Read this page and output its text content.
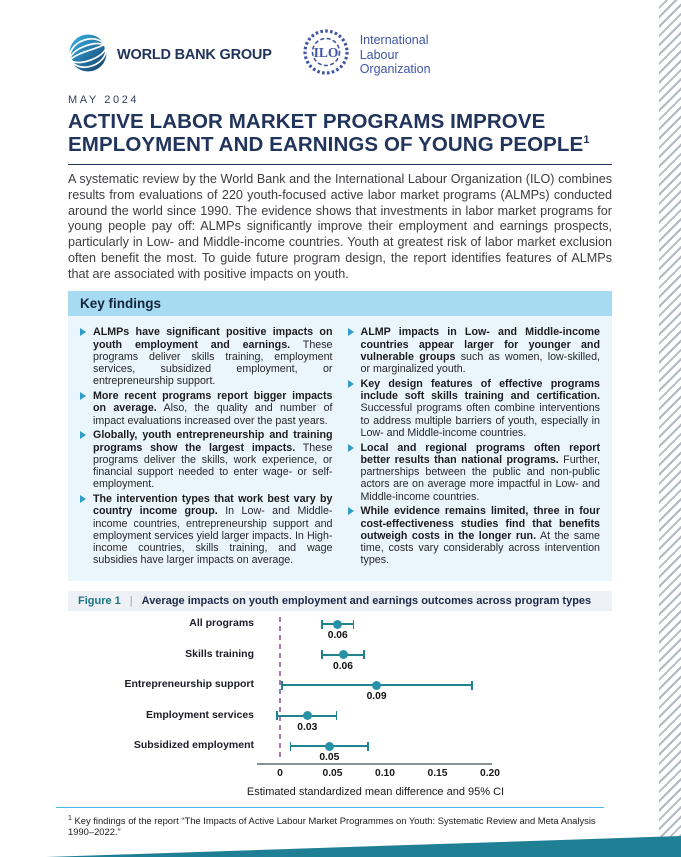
WORLD BANK GROUP	ILO
International
Labour
Organization
MAY 2024
ACTIVE LABOR MARKET PROGRAMS IMPROVE
EMPLOYMENT AND EARNINGS OF YOUNG PEOPLE$^1$

A systematic review by the World Bank and the International Labour Organization (ILO) combines results from evaluations of 220 youth-focused active labor market programs (ALMPs) conducted around the world since 1990. The evidence shows that investments in labor market programs for young people pay off: ALMPs significantly improve their employment and earnings prospects, particularly in Low- and Middle-income countries. Youth at greatest risk of labor market exclusion often benefit the most. To guide future program design, the report identifies features of ALMPs that are associated with positive impacts on youth.

Key findings
ALMPs have significant positive impacts on youth employment and earnings. These programs deliver skills training, employment services, subsidized employment, or entrepreneurship support.
More recent programs report bigger impacts on average. Also, the quality and number of impact evaluations increased over the past years.
Globally, youth entrepreneurship and training programs show the largest impacts. These programs deliver the skills, work experience, or financial support needed to enter wage- or self-employment.
The intervention types that work best vary by country income group. In Low- and Middle-income countries, entrepreneurship support and employment services yield larger impacts. In High-income countries, skills training, and wage subsidies have larger impacts on average.
ALMP impacts in Low- and Middle-income countries appear larger for younger and vulnerable groups such as women, low-skilled, or marginalized youth.
Key design features of effective programs include soft skills training and certification. Successful programs often combine interventions to address multiple barriers of youth, especially in Low- and Middle-income countries.
Local and regional programs often report better results than national programs. Further, partnerships between the public and non-public actors are on average more impactful in Low- and Middle-income countries.
While evidence remains limited, three in four cost-effectiveness studies find that benefits outweigh costs in the longer run. At the same time, costs vary considerably across intervention types.
Figure 1 | Average impacts on youth employment and earnings outcomes across program types
All programs
0.06
Skills training
0.06
Entrepreneurship support
0.09
Employment services
0.03
Subsidized employment
0.05
0	0.05	0.10	0.15	0.20
Estimated standardized mean difference and 95% CI

$^1$ Key findings of the report “The Impacts of Active Labour Market Programmes on Youth: Systematic Review and Meta Analysis 1990–2022.”
